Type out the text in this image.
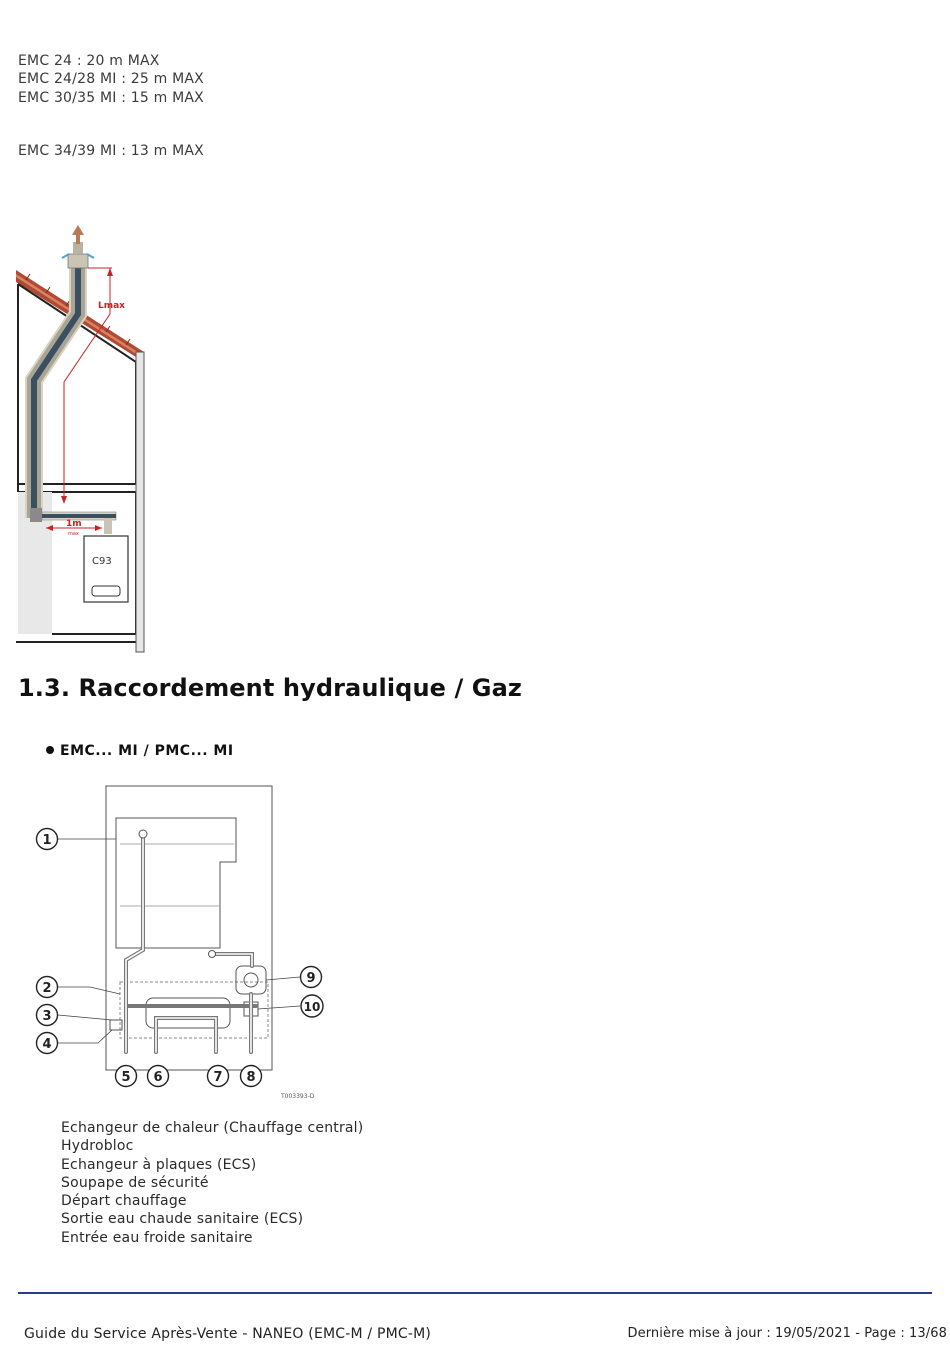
EMC 24 : 20 m MAX
EMC 24/28 MI : 25 m MAX
EMC 30/35 MI : 15 m MAX
EMC 34/39 MI : 13 m MAX
Lmax
1m
max
C93
1.3. Raccordement hydraulique / Gaz
EMC... MI / PMC... MI
1
2
3
4
5 6	7 8
9
10
T003393-D
Echangeur de chaleur (Chauffage central)
Hydrobloc
Echangeur à plaques (ECS)
Soupape de sécurité
Départ chauffage
Sortie eau chaude sanitaire (ECS)
Entrée eau froide sanitaire
Guide du Service Après-Vente - NANEO (EMC-M / PMC-M)	Dernière mise à jour : 19/05/2021 - Page : 13/68
